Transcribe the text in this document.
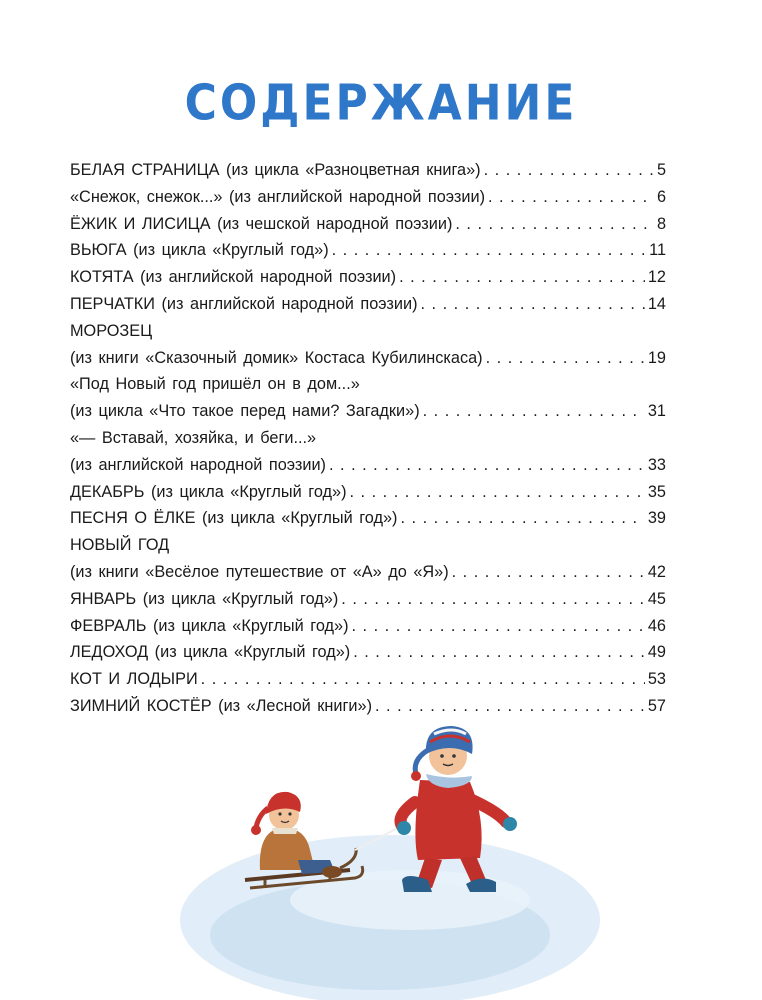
СОДЕРЖАНИЕ
БЕЛАЯ СТРАНИЦА (из цикла «Разноцветная книга») . . .	5
«Снежок, снежок...» (из английской народной поэзии) . . .	6
ЁЖИК И ЛИСИЦА (из чешской народной поэзии) . . .	8
ВЬЮГА (из цикла «Круглый год») . . .	11
КОТЯТА (из английской народной поэзии) . . .	12
ПЕРЧАТКИ (из английской народной поэзии) . . .	14
МОРОЗЕЦ
(из книги «Сказочный домик» Костаса Кубилинскаса) . . .	19
«Под Новый год пришёл он в дом...»
(из цикла «Что такое перед нами? Загадки») . . .	31
«— Вставай, хозяйка, и беги...»
(из английской народной поэзии) . . .	33
ДЕКАБРЬ (из цикла «Круглый год») . . .	35
ПЕСНЯ О ЁЛКЕ (из цикла «Круглый год») . . .	39
НОВЫЙ ГОД
(из книги «Весёлое путешествие от «А» до «Я») . . .	42
ЯНВАРЬ (из цикла «Круглый год») . . .	45
ФЕВРАЛЬ (из цикла «Круглый год») . . .	46
ЛЕДОХОД (из цикла «Круглый год») . . .	49
КОТ И ЛОДЫРИ . . .	53
ЗИМНИЙ КОСТЁР (из «Лесной книги») . . .	57
